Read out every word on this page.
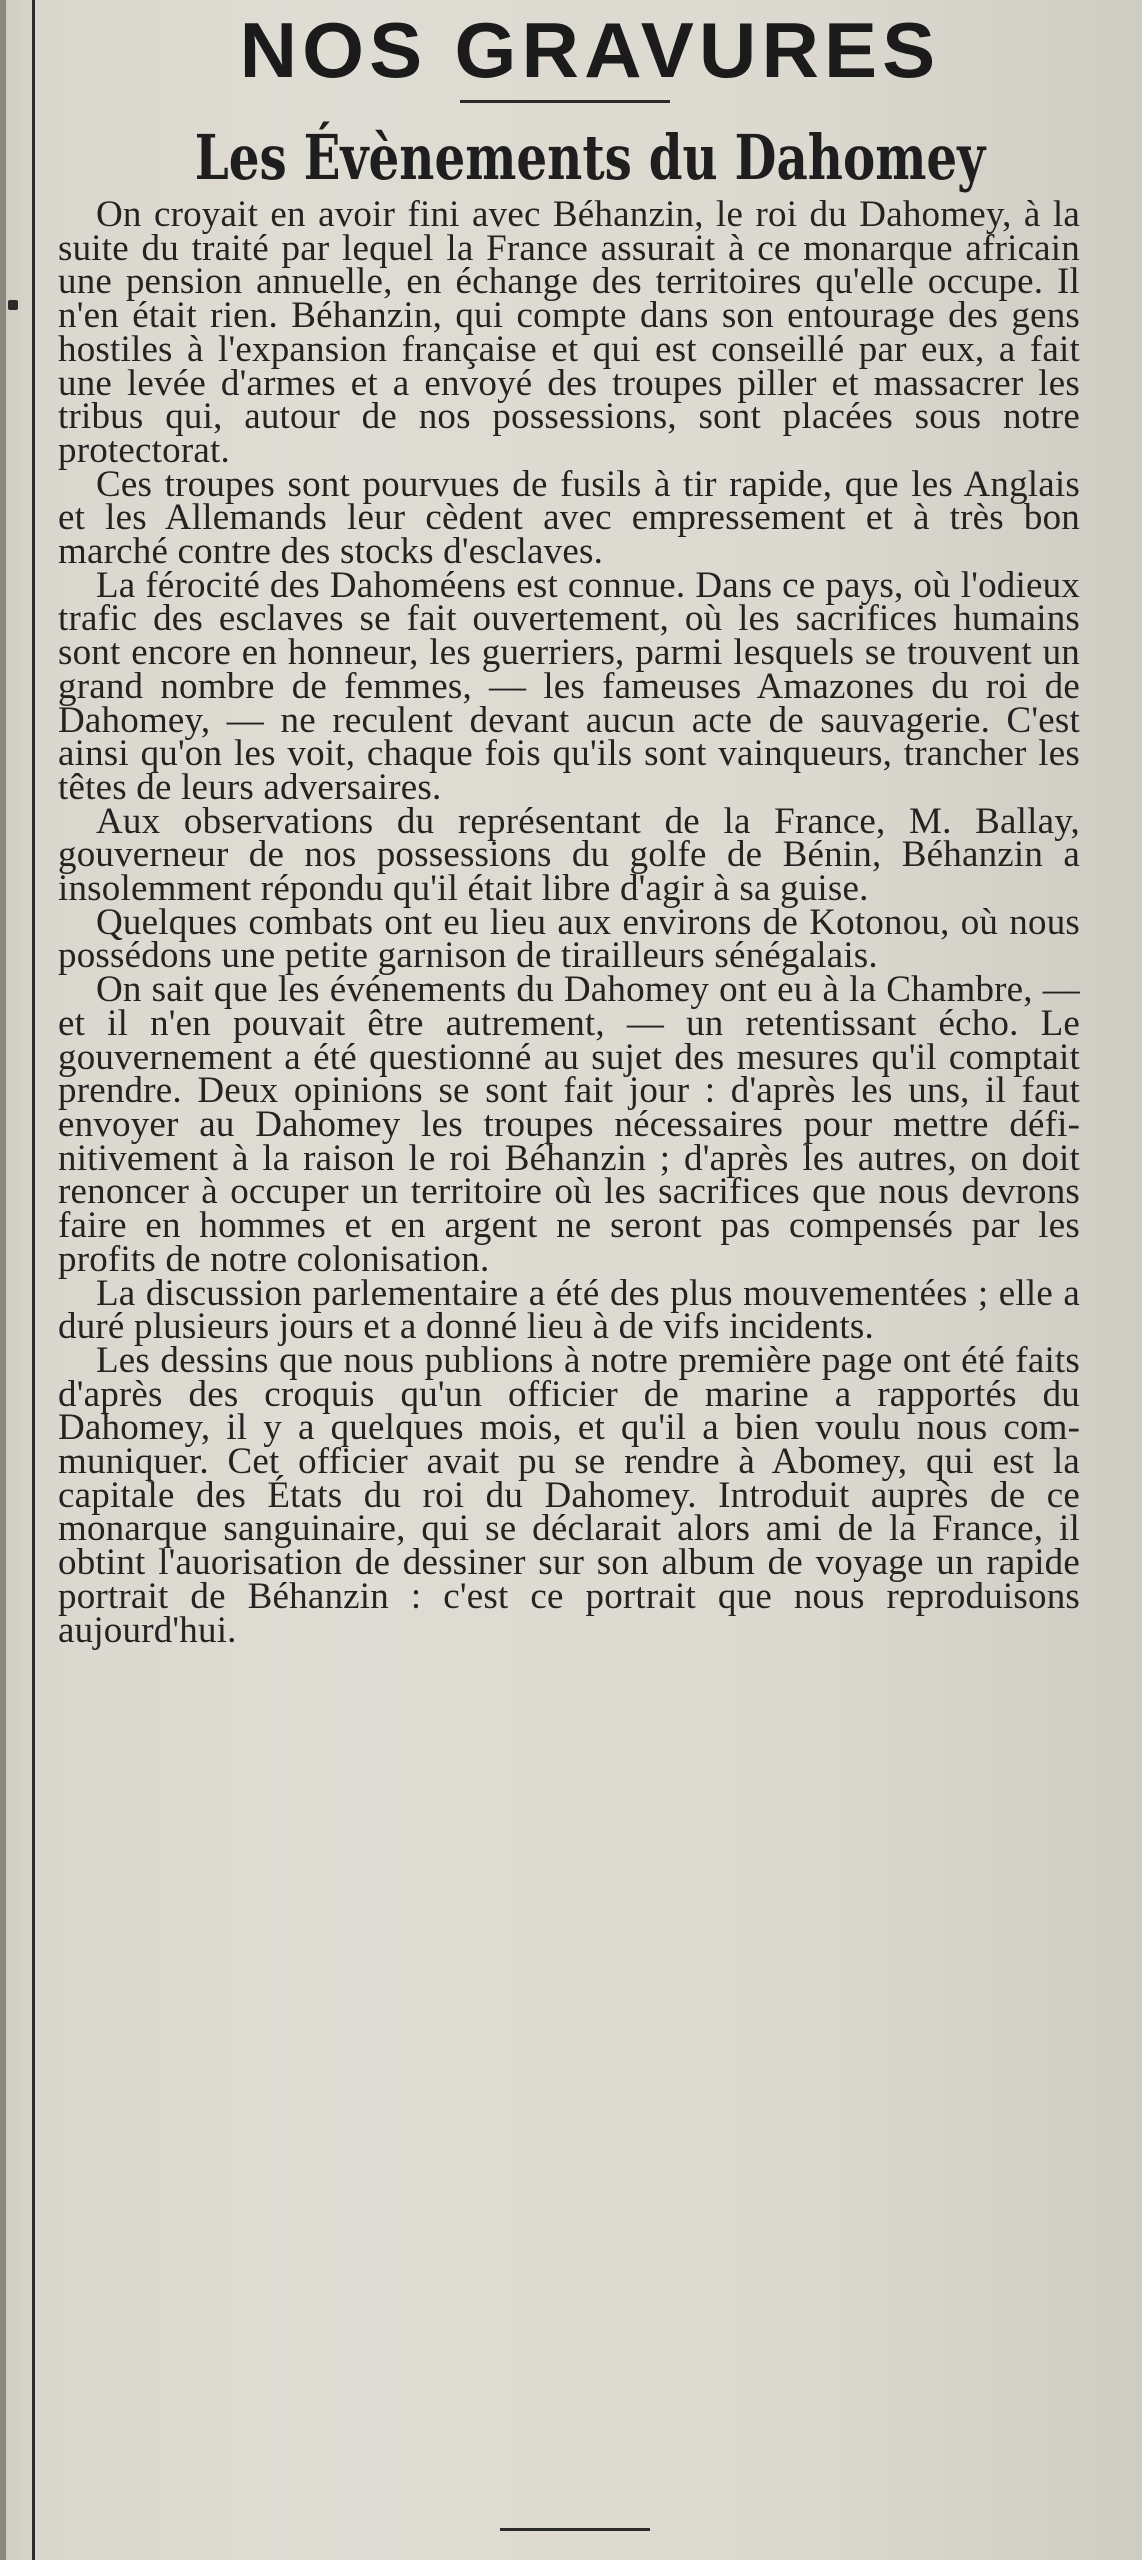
NOS GRAVURES
Les Évènements du Dahomey

On croyait en avoir fini avec Béhanzin, le roi du Dahomey, à la suite du traité par lequel la France assurait à ce monarque africain une pension annuelle, en échange des territoires qu'elle occupe. Il n'en était rien. Béhanzin, qui compte dans son entourage des gens hostiles à l'expansion française et qui est conseillé par eux, a fait une levée d'armes et a envoyé des troupes piller et massacrer les tribus qui, autour de nos possessions, sont placées sous notre protectorat.

Ces troupes sont pourvues de fusils à tir rapide, que les Anglais et les Allemands leur cèdent avec empressement et à très bon marché contre des stocks d'esclaves.

La férocité des Dahoméens est connue. Dans ce pays, où l'odieux trafic des esclaves se fait ouvertement, où les sacrifices humains sont encore en honneur, les guerriers, parmi lesquels se trouvent un grand nombre de femmes, — les fameuses Amazones du roi de Dahomey, — ne reculent devant aucun acte de sauvagerie. C'est ainsi qu'on les voit, chaque fois qu'ils sont vainqueurs, trancher les têtes de leurs adversaires.

Aux observations du représentant de la France, M. Ballay, gouverneur de nos possessions du golfe de Bénin, Béhanzin a insolemment répondu qu'il était libre d'agir à sa guise.

Quelques combats ont eu lieu aux environs de Kotonou, où nous possédons une petite garnison de tirailleurs sénégalais.

On sait que les événements du Dahomey ont eu à la Chambre, — et il n'en pouvait être autrement, — un retentissant écho. Le gouvernement a été questionné au sujet des mesures qu'il comptait prendre. Deux opinions se sont fait jour : d'après les uns, il faut envoyer au Dahomey les troupes nécessaires pour mettre définitivement à la raison le roi Béhanzin ; d'après les autres, on doit renoncer à occuper un territoire où les sacrifices que nous devrons faire en hommes et en argent ne seront pas compensés par les profits de notre colonisation.

La discussion parlementaire a été des plus mouvementées ; elle a duré plusieurs jours et a donné lieu à de vifs incidents.

Les dessins que nous publions à notre première page ont été faits d'après des croquis qu'un officier de marine a rapportés du Dahomey, il y a quelques mois, et qu'il a bien voulu nous communiquer. Cet officier avait pu se rendre à Abomey, qui est la capitale des États du roi du Dahomey. Introduit auprès de ce monarque sanguinaire, qui se déclarait alors ami de la France, il obtint l'auorisation de dessiner sur son album de voyage un rapide portrait de Béhanzin : c'est ce portrait que nous reproduisons aujourd'hui.
